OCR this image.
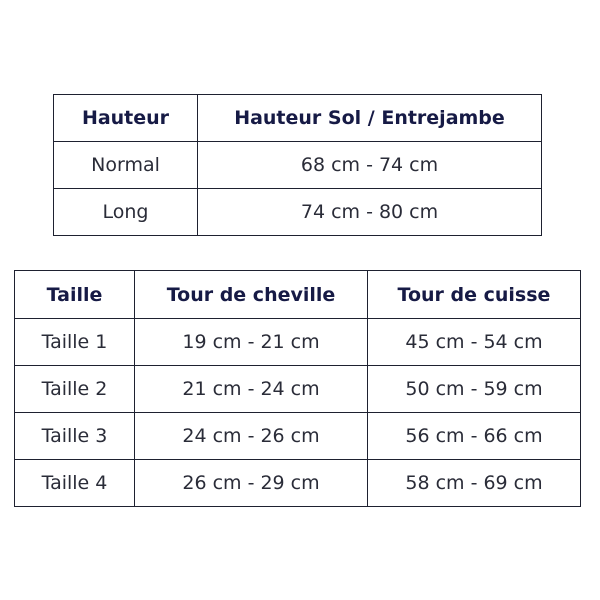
Hauteur	Hauteur Sol / Entrejambe
Normal	68 cm - 74 cm
Long	74 cm - 80 cm
Taille	Tour de cheville	Tour de cuisse
Taille 1	19 cm - 21 cm	45 cm - 54 cm
Taille 2	21 cm - 24 cm	50 cm - 59 cm
Taille 3	24 cm - 26 cm	56 cm - 66 cm
Taille 4	26 cm - 29 cm	58 cm - 69 cm
